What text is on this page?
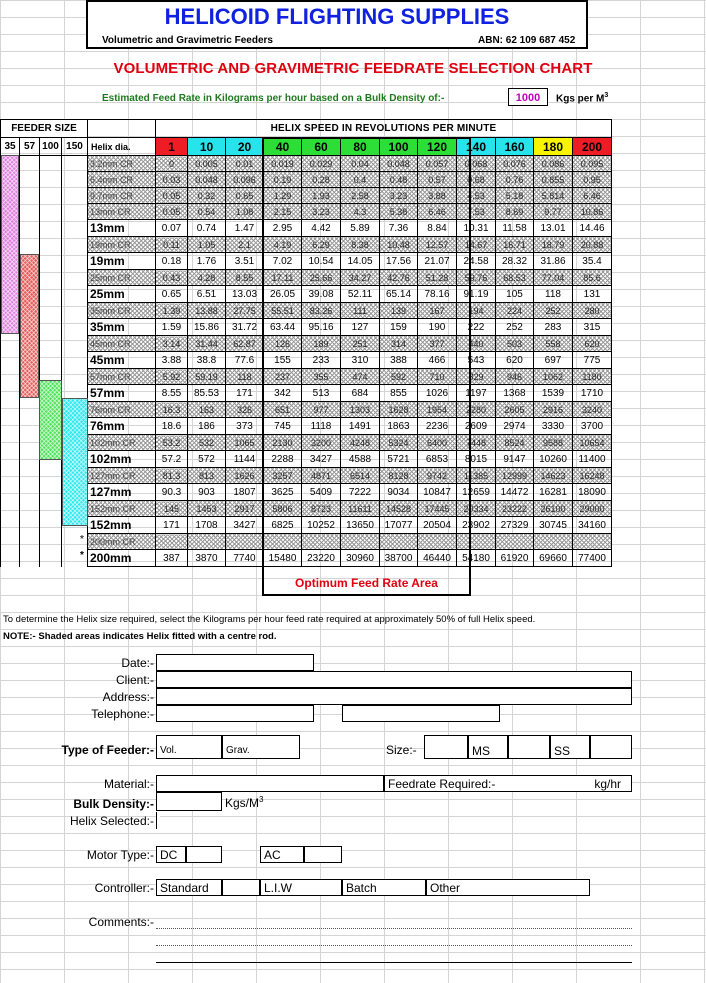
HELICOID FLIGHTING SUPPLIES
Volumetric and Gravimetric Feeders	ABN: 62 109 687 452
VOLUMETRIC AND GRAVIMETRIC FEEDRATE SELECTION CHART
Estimated Feed Rate in Kilograms per hour based on a Bulk Density of:-	1000	Kgs per $M^3$
FEEDER SIZE					HELIX SPEED IN REVOLUTIONS PER MINUTE											
35	57	100	150	Helix dia.	1	10	20	40	60	80	100	120	140	160	180	200
				3.2mm CR	0	0.005	0.01	0.019	0.029	0.04	0.048	0.057	0.068	0.076	0.086	0.095
				6.4mm CR	0.03	0.048	0.096	0.19	0.28	0.4	0.48	0.57	0.68	0.76	0.855	0.95
				9.7mm CR	0.05	0.32	0.65	1.29	1.93	2.58	3.23	3.88	4.53	5.18	5.814	6.46
				13mm CR	0.05	0.54	1.08	2.15	3.23	4.3	5.38	6.46	7.53	8.69	9.77	10.86
				13mm	0.07	0.74	1.47	2.95	4.42	5.89	7.36	8.84	10.31	11.58	13.01	14.46
				19mm CR	0.11	1.05	2.1	4.19	6.29	8.38	10.48	12.57	14.67	16.71	18.79	20.88
				19mm	0.18	1.76	3.51	7.02	10.54	14.05	17.56	21.07	24.58	28.32	31.86	35.4
				25mm CR	0.43	4.28	8.55	17.11	25.66	34.27	42.76	51.28	59.76	68.53	77.04	85.6
				25mm	0.65	6.51	13.03	26.05	39.08	52.11	65.14	78.16	91.19	105	118	131
				35mm CR	1.39	13.88	27.75	55.51	83.26	111	139	167	194	224	252	280
				35mm	1.59	15.86	31.72	63.44	95.16	127	159	190	222	252	283	315
				45mm CR	3.14	31.44	62.87	126	189	251	314	377	440	503	558	620
				45mm	3.88	38.8	77.6	155	233	310	388	466	543	620	697	775
				57mm CR	5.92	59.19	118	237	355	474	592	710	829	946	1062	1180
				57mm	8.55	85.53	171	342	513	684	855	1026	1197	1368	1539	1710
				76mm CR	16.3	163	326	651	977	1303	1628	1954	2280	2605	2916	3240
				76mm	18.6	186	373	745	1118	1491	1863	2236	2609	2974	3330	3700
				102mm CR	53.2	532	1065	2130	3200	4248	5324	6400	7448	8524	9588	10654
				102mm	57.2	572	1144	2288	3427	4588	5721	6853	8015	9147	10260	11400
				127mm CR	81.3	813	1626	3257	4871	6514	8128	9742	11385	12999	14623	16248
				127mm	90.3	903	1807	3625	5409	7222	9034	10847	12659	14472	16281	18090
				152mm CR	145	1453	2917	5806	8723	11611	14528	17445	20334	23222	26100	29000
				152mm	171	1708	3427	6825	10252	13650	17077	20504	23902	27329	30745	34160

				* 200mm CR												

				* 200mm	387	3870	7740	15480	23220	30960	38700	46440	54180	61920	69660	77400
Optimum Feed Rate Area
To determine the Helix size required, select the Kilograms per hour feed rate required at approximately 50% of full Helix speed.
NOTE:- Shaded areas indicates Helix fitted with a centre rod.
Date:-
Client:-
Address:-
Telephone:-
Type of Feeder:- Vol.	Grav.	Size:-	MS	SS
Material:-	Feedrate Required:-	kg/hr
Bulk Density:-	Kgs/$M^3$
Helix Selected:-
Motor Type:- DC	AC
Controller:- Standard	L.I.W	Batch	Other
Comments:-
